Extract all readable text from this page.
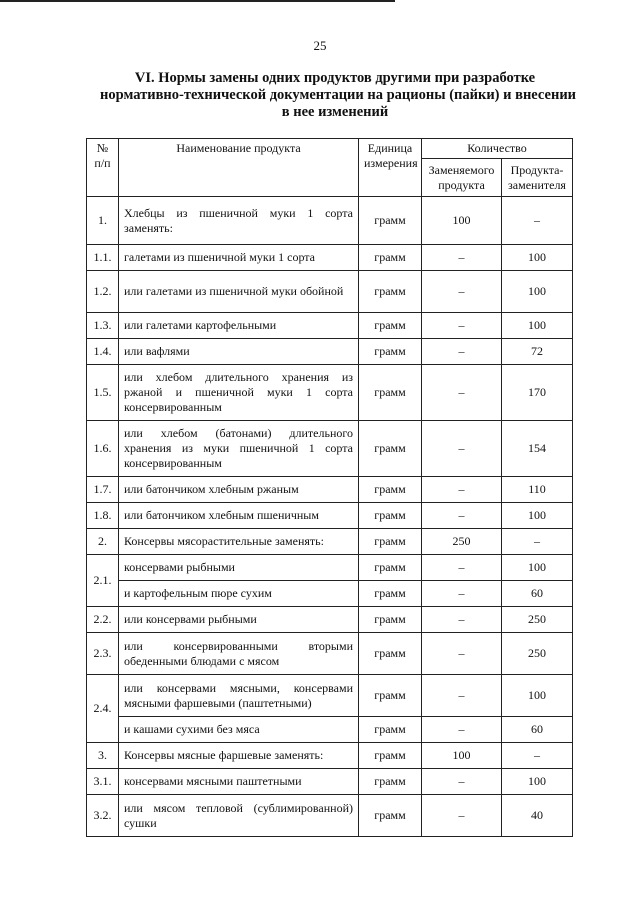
25
VI. Нормы замены одних продуктов другими при разработке
нормативно-технической документации на рационы (пайки) и внесении
в нее изменений
№ п/п	Наименование продукта	Единица измерения	Количество	
			Заменяемого продукта	Продукта-заменителя
1.	Хлебцы из пшеничной муки 1 сорта заменять:	грамм	100	–
1.1.	галетами из пшеничной муки 1 сорта	грамм	–	100
1.2.	или галетами из пшеничной муки обойной	грамм	–	100
1.3.	или галетами картофельными	грамм	–	100
1.4.	или вафлями	грамм	–	72
1.5.	или хлебом длительного хранения из ржаной и пшеничной муки 1 сорта консервированным	грамм	–	170
1.6.	или хлебом (батонами) длительного хранения из муки пшеничной 1 сорта консервированным	грамм	–	154
1.7.	или батончиком хлебным ржаным	грамм	–	110
1.8.	или батончиком хлебным пшеничным	грамм	–	100
2.	Консервы мясорастительные заменять:	грамм	250	–
2.1.	консервами рыбными	грамм	–	100
	и картофельным пюре сухим	грамм	–	60
2.2.	или консервами рыбными	грамм	–	250
2.3.	или консервированными вторыми обеденными блюдами с мясом	грамм	–	250
2.4.	или консервами мясными, консервами мясными фаршевыми (паштетными)	грамм	–	100
	и кашами сухими без мяса	грамм	–	60
3.	Консервы мясные фаршевые заменять:	грамм	100	–
3.1.	консервами мясными паштетными	грамм	–	100
3.2.	или мясом тепловой (сублимированной) сушки	грамм	–	40
